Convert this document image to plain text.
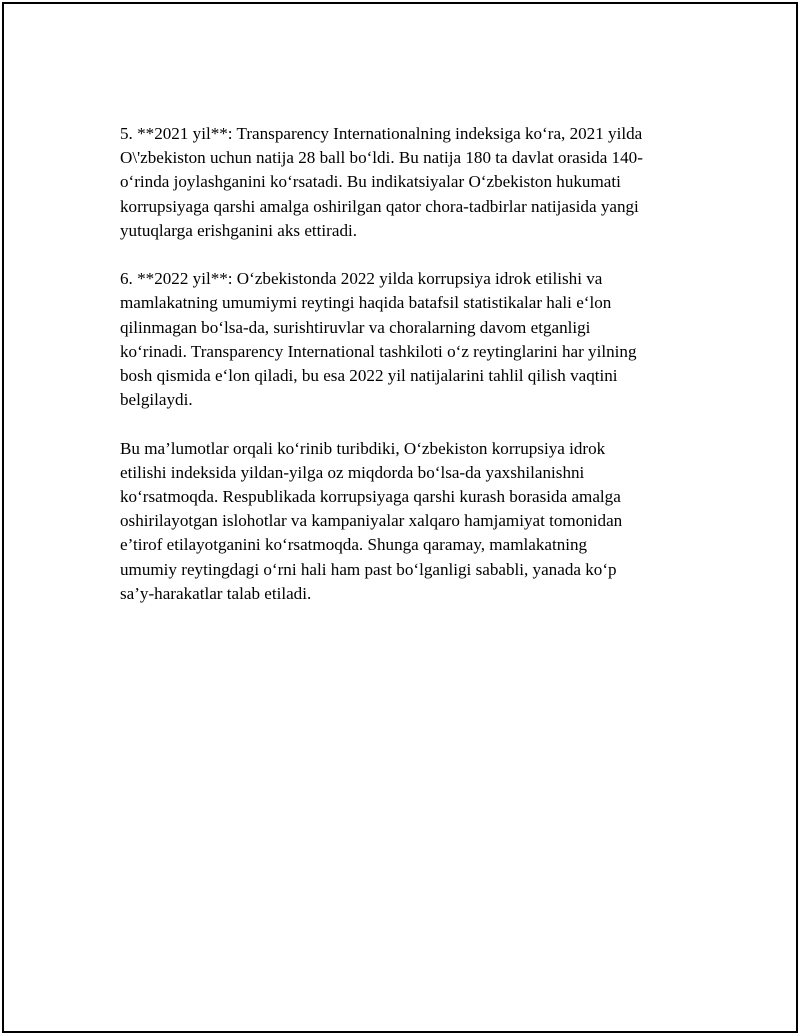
5. **2021 yil**: Transparency Internationalning indeksiga ko‘ra, 2021 yilda
O\'zbekiston uchun natija 28 ball bo‘ldi. Bu natija 180 ta davlat orasida 140-
o‘rinda joylashganini ko‘rsatadi. Bu indikatsiyalar O‘zbekiston hukumati
korrupsiyaga qarshi amalga oshirilgan qator chora-tadbirlar natijasida yangi
yutuqlarga erishganini aks ettiradi.

6. **2022 yil**: O‘zbekistonda 2022 yilda korrupsiya idrok etilishi va
mamlakatning umumiymi reytingi haqida batafsil statistikalar hali e‘lon
qilinmagan bo‘lsa-da, surishtiruvlar va choralarning davom etganligi
ko‘rinadi. Transparency International tashkiloti o‘z reytinglarini har yilning
bosh qismida e‘lon qiladi, bu esa 2022 yil natijalarini tahlil qilish vaqtini
belgilaydi.

Bu ma’lumotlar orqali ko‘rinib turibdiki, O‘zbekiston korrupsiya idrok
etilishi indeksida yildan-yilga oz miqdorda bo‘lsa-da yaxshilanishni
ko‘rsatmoqda. Respublikada korrupsiyaga qarshi kurash borasida amalga
oshirilayotgan islohotlar va kampaniyalar xalqaro hamjamiyat tomonidan
e’tirof etilayotganini ko‘rsatmoqda. Shunga qaramay, mamlakatning
umumiy reytingdagi o‘rni hali ham past bo‘lganligi sababli, yanada ko‘p
sa’y-harakatlar talab etiladi.
